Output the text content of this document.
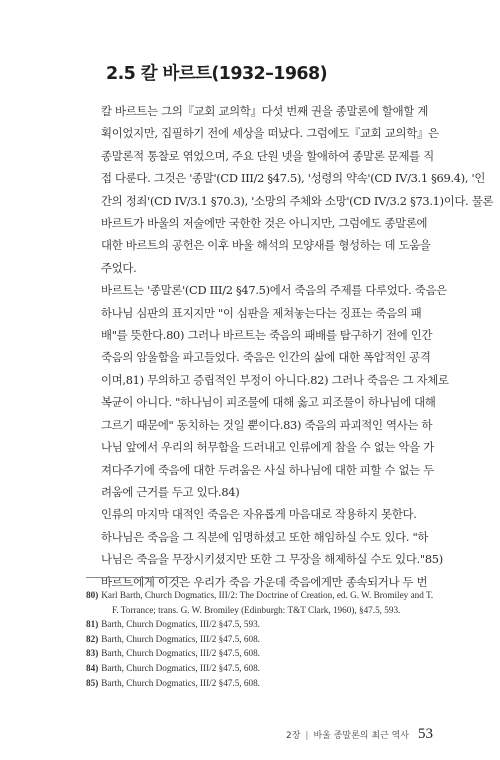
2.5 칼 바르트(1932–1968)

칼 바르트는 그의『교회 교의학』다섯 번째 권을 종말론에 할애할 계
획이었지만, 집필하기 전에 세상을 떠났다. 그럼에도『교회 교의학』은
종말론적 통찰로 엮었으며, 주요 단원 넷을 할애하여 종말론 문제를 직
접 다룬다. 그것은 '종말'(CD III/2 §47.5), '성령의 약속'(CD IV/3.1 §69.4), '인
간의 정죄'(CD IV/3.1 §70.3), '소망의 주체와 소망'(CD IV/3.2 §73.1)이다. 물론
바르트가 바울의 저술에만 국한한 것은 아니지만, 그럼에도 종말론에
대한 바르트의 공헌은 이후 바울 해석의 모양새를 형성하는 데 도움을
주었다.

바르트는 '종말론'(CD III/2 §47.5)에서 죽음의 주제를 다루었다. 죽음은
하나님 심판의 표지지만 "이 심판을 제쳐놓는다는 징표는 죽음의 패
배"를 뜻한다.80) 그러나 바르트는 죽음의 패배를 탐구하기 전에 인간
죽음의 암울함을 파고들었다. 죽음은 인간의 삶에 대한 폭압적인 공격
이며,81) 무의하고 증립적인 부정이 아니다.82) 그러나 죽음은 그 자체로
복균이 아니다. "하나님이 피조물에 대해 옳고 피조물이 하나님에 대해
그르기 때문에" 동치하는 것일 뿐이다.83) 죽음의 파괴적인 역사는 하
나님 앞에서 우리의 허무함을 드러내고 인류에게 참을 수 없는 악을 가
져다주기에 죽음에 대한 두려움은 사실 하나님에 대한 피할 수 없는 두
려움에 근거를 두고 있다.84)

인류의 마지막 대적인 죽음은 자유롭게 마음대로 작용하지 못한다.
하나님은 죽음을 그 직분에 임명하셨고 또한 해임하실 수도 있다. "하
나님은 죽음을 무장시키셨지만 또한 그 무장을 해제하실 수도 있다."85)
바르트에게 이것은 우리가 죽음 가운데 죽음에게만 종속되거나 두 번

80) Karl Barth, Church Dogmatics, III/2: The Doctrine of Creation, ed. G. W. Bromiley and T.
F. Torrance; trans. G. W. Bromiley (Edinburgh: T&T Clark, 1960), §47.5, 593.
81) Barth, Church Dogmatics, III/2 §47.5, 593.
82) Barth, Church Dogmatics, III/2 §47.5, 608.
83) Barth, Church Dogmatics, III/2 §47.5, 608.
84) Barth, Church Dogmatics, III/2 §47.5, 608.
85) Barth, Church Dogmatics, III/2 §47.5, 608.
2장 | 바울 종말론의 최근 역사 53
